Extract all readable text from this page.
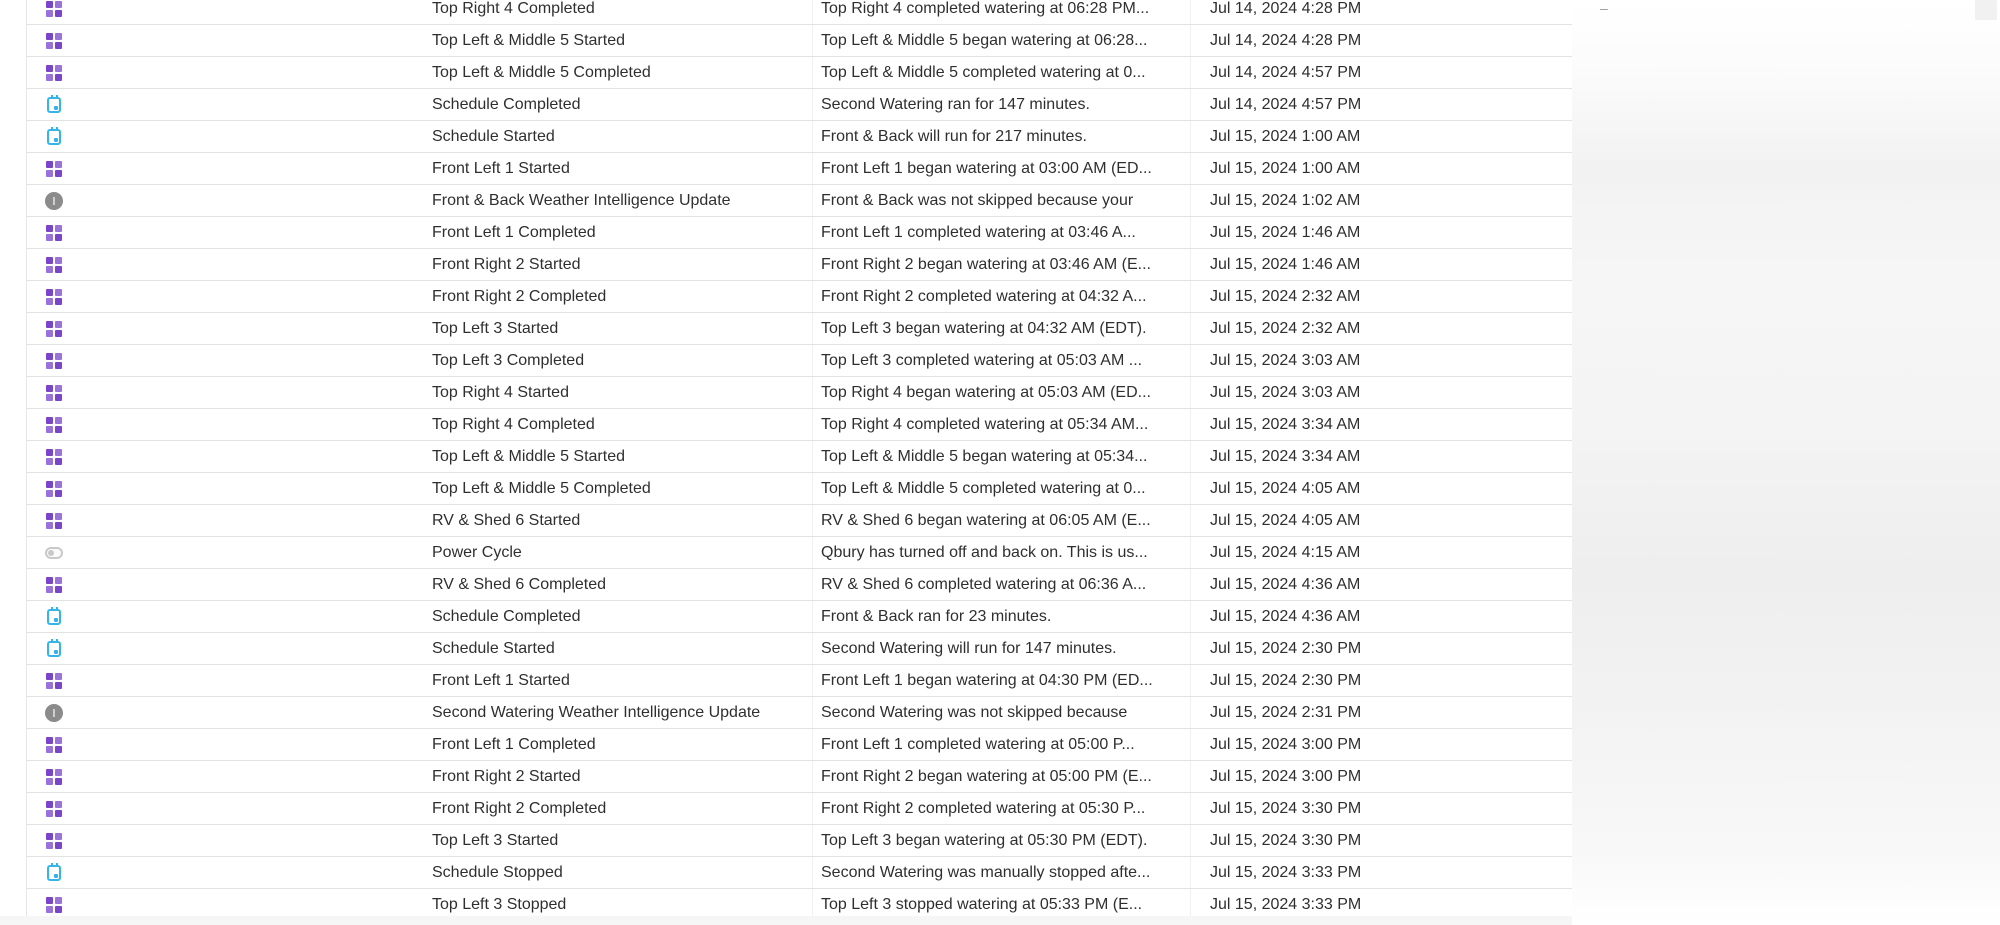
Top Right 4 Completed	Top Right 4 completed watering at 06:28 PM...	Jul 14, 2024 4:28 PM
Top Left & Middle 5 Started	Top Left & Middle 5 began watering at 06:28...	Jul 14, 2024 4:28 PM
Top Left & Middle 5 Completed	Top Left & Middle 5 completed watering at 0...	Jul 14, 2024 4:57 PM
Schedule Completed	Second Watering ran for 147 minutes.	Jul 14, 2024 4:57 PM
Schedule Started	Front & Back will run for 217 minutes.	Jul 15, 2024 1:00 AM
Front Left 1 Started	Front Left 1 began watering at 03:00 AM (ED...	Jul 15, 2024 1:00 AM
Front & Back Weather Intelligence Update	Front & Back was not skipped because your	Jul 15, 2024 1:02 AM
Front Left 1 Completed	Front Left 1 completed watering at 03:46 A...	Jul 15, 2024 1:46 AM
Front Right 2 Started	Front Right 2 began watering at 03:46 AM (E...	Jul 15, 2024 1:46 AM
Front Right 2 Completed	Front Right 2 completed watering at 04:32 A...	Jul 15, 2024 2:32 AM
Top Left 3 Started	Top Left 3 began watering at 04:32 AM (EDT).	Jul 15, 2024 2:32 AM
Top Left 3 Completed	Top Left 3 completed watering at 05:03 AM ...	Jul 15, 2024 3:03 AM
Top Right 4 Started	Top Right 4 began watering at 05:03 AM (ED...	Jul 15, 2024 3:03 AM
Top Right 4 Completed	Top Right 4 completed watering at 05:34 AM...	Jul 15, 2024 3:34 AM
Top Left & Middle 5 Started	Top Left & Middle 5 began watering at 05:34...	Jul 15, 2024 3:34 AM
Top Left & Middle 5 Completed	Top Left & Middle 5 completed watering at 0...	Jul 15, 2024 4:05 AM
RV & Shed 6 Started	RV & Shed 6 began watering at 06:05 AM (E...	Jul 15, 2024 4:05 AM
Power Cycle	Qbury has turned off and back on. This is us...	Jul 15, 2024 4:15 AM
RV & Shed 6 Completed	RV & Shed 6 completed watering at 06:36 A...	Jul 15, 2024 4:36 AM
Schedule Completed	Front & Back ran for 23 minutes.	Jul 15, 2024 4:36 AM
Schedule Started	Second Watering will run for 147 minutes.	Jul 15, 2024 2:30 PM
Front Left 1 Started	Front Left 1 began watering at 04:30 PM (ED...	Jul 15, 2024 2:30 PM
Second Watering Weather Intelligence Update	Second Watering was not skipped because	Jul 15, 2024 2:31 PM
Front Left 1 Completed	Front Left 1 completed watering at 05:00 P...	Jul 15, 2024 3:00 PM
Front Right 2 Started	Front Right 2 began watering at 05:00 PM (E...	Jul 15, 2024 3:00 PM
Front Right 2 Completed	Front Right 2 completed watering at 05:30 P...	Jul 15, 2024 3:30 PM
Top Left 3 Started	Top Left 3 began watering at 05:30 PM (EDT).	Jul 15, 2024 3:30 PM
Schedule Stopped	Second Watering was manually stopped afte...	Jul 15, 2024 3:33 PM
Top Left 3 Stopped	Top Left 3 stopped watering at 05:33 PM (E...	Jul 15, 2024 3:33 PM
–
